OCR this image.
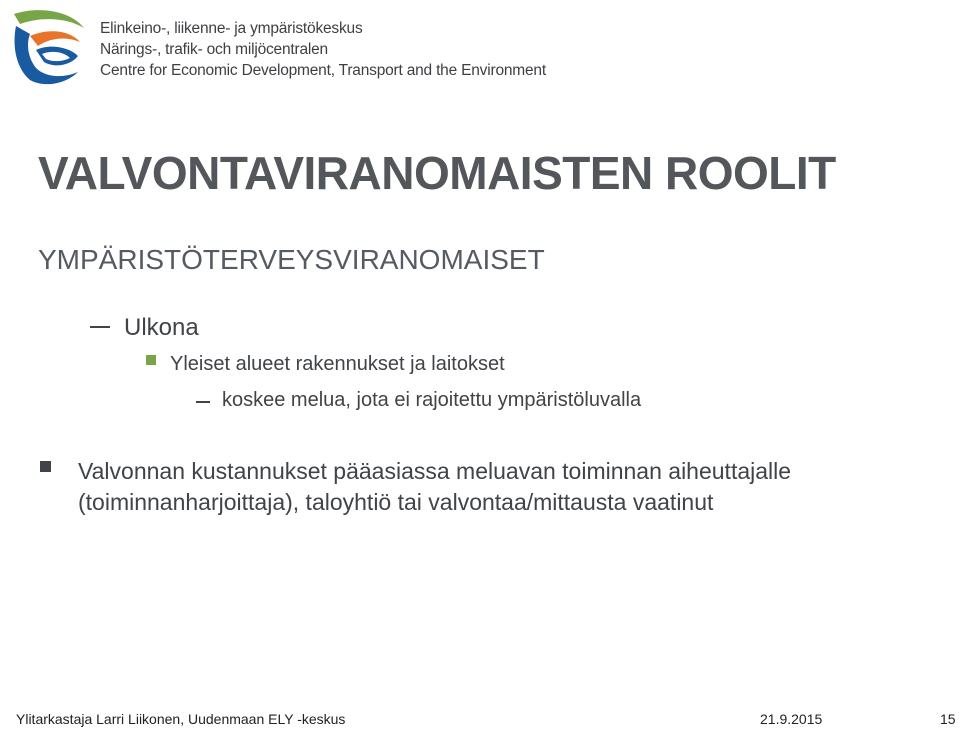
Elinkeino-, liikenne- ja ympäristökeskus
Närings-, trafik- och miljöcentralen
Centre for Economic Development, Transport and the Environment
VALVONTAVIRANOMAISTEN ROOLIT
YMPÄRISTÖTERVEYSVIRANOMAISET
Ulkona
Yleiset alueet rakennukset ja laitokset
koskee melua, jota ei rajoitettu ympäristöluvalla
Valvonnan kustannukset pääasiassa meluavan toiminnan aiheuttajalle
(toiminnanharjoittaja), taloyhtiö tai valvontaa/mittausta vaatinut
Ylitarkastaja Larri Liikonen, Uudenmaan ELY -keskus	21.9.2015	15
